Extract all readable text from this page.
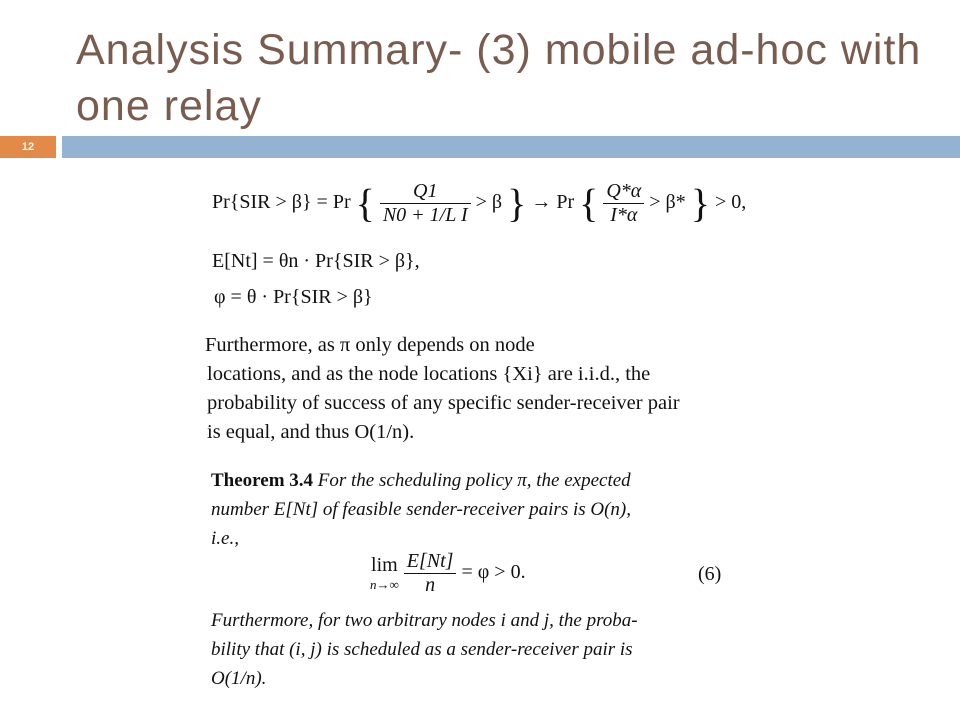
Analysis Summary- (3) mobile ad-hoc with one relay
12
Pr{SIR > β} = Pr { $\frac{Q1}{\text{N0 + 1/L I}} > \beta$ } → Pr { $\frac{Q*\alpha}{I*\alpha} > \beta*$ } > 0,
E[Nt] = θn · Pr{SIR > β},
φ = θ · Pr{SIR > β}
Furthermore, as π only depends on node
locations, and as the node locations {Xi} are i.i.d., the
probability of success of any specific sender-receiver pair
is equal, and thus O(1/n).
Theorem 3.4 For the scheduling policy π, the expected
number E[Nt] of feasible sender-receiver pairs is O(n),
i.e.,
lim
n→∞
$\frac{E[Nt]}{n} = \varphi > 0$.	(6)
Furthermore, for two arbitrary nodes i and j, the proba-
bility that (i, j) is scheduled as a sender-receiver pair is
O(1/n).
